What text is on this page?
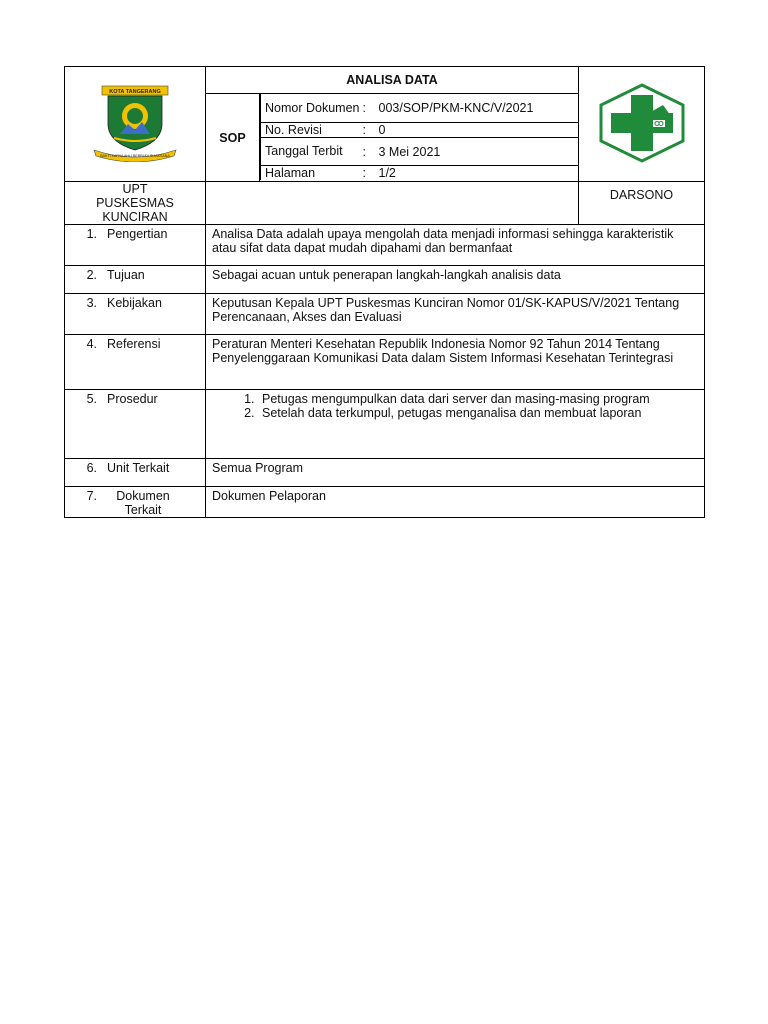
KOTA TANGERANG
BAKTI KARYA AHLI BERBUDI BIJAKSANA
	ANALISA DATA	
SOP	
Nomor Dokumen	:	003/SOP/PKM-KNC/V/2021
No. Revisi	:	0
Tanggal Terbit	:	3 Mei 2021
Halaman	:	1/2

UPT PUSKESMAS KUNCIRAN
		DARSONO
1. Pengertian	Analisa Data adalah upaya mengolah data menjadi informasi sehingga karakteristik atau sifat data dapat mudah dipahami dan bermanfaat
2. Tujuan	Sebagai acuan untuk penerapan langkah-langkah analisis data
3. Kebijakan	Keputusan Kepala UPT Puskesmas Kunciran Nomor 01/SK-KAPUS/V/2021 Tentang Perencanaan, Akses dan Evaluasi
4. Referensi	Peraturan Menteri Kesehatan Republik Indonesia Nomor 92 Tahun 2014 Tentang Penyelenggaraan Komunikasi Data dalam Sistem Informasi Kesehatan Terintegrasi
5. Prosedur	
1.Petugas mengumpulkan data dari server dan masing-masing program
2. Setelah data terkumpul, petugas menganalisa dan membuat laporan

6. Unit Terkait	Semua Program
7. Dokumen Terkait	Dokumen Pelaporan
